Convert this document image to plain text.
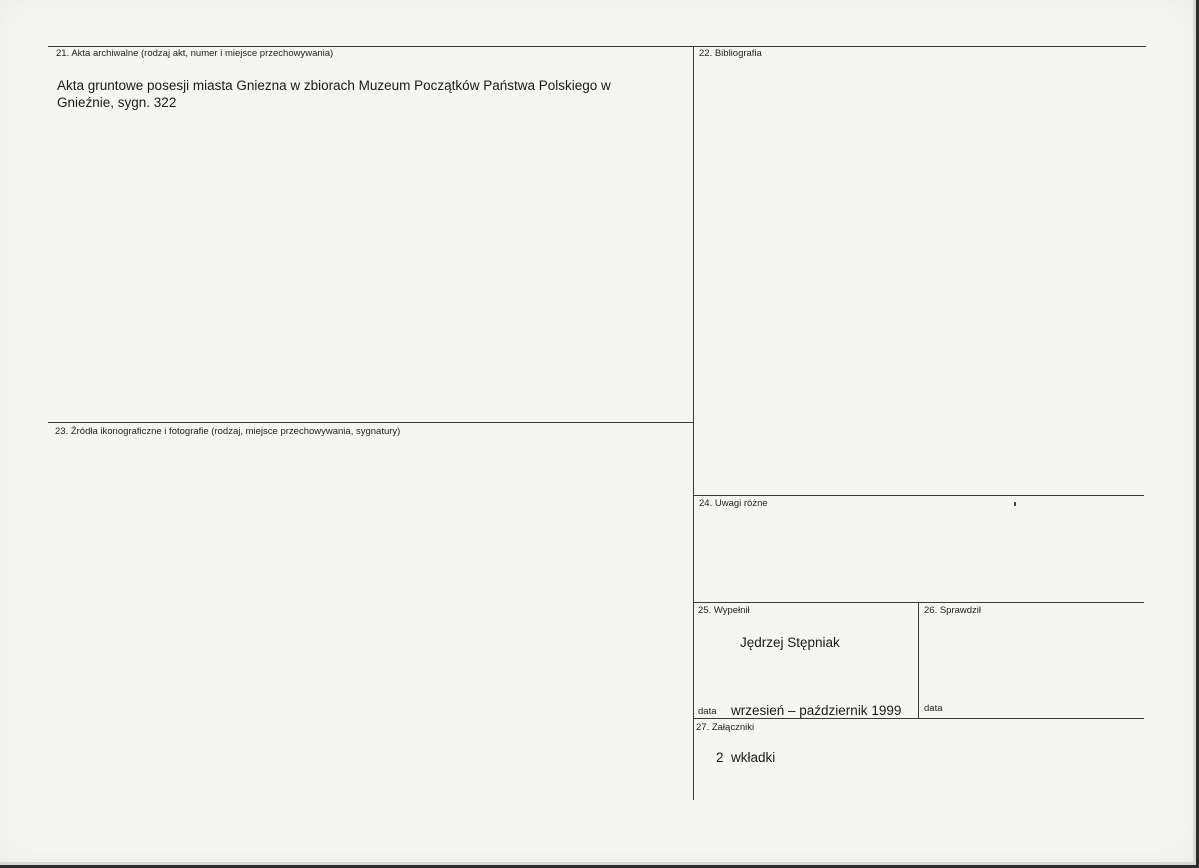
21. Akta archiwalne (rodzaj akt, numer i miejsce przechowywania)
Akta gruntowe posesji miasta Gniezna w zbiorach Muzeum Początków Państwa Polskiego w
Gnieźnie, sygn. 322
22. Bibliografia
23. Źródła ikonograficzne i fotografie (rodzaj, miejsce przechowywania, sygnatury)
24. Uwagi różne
25. Wypełnił
Jędrzej Stępniak
data wrzesień – październik 1999
26. Sprawdził
data
27. Załączniki
2  wkładki
